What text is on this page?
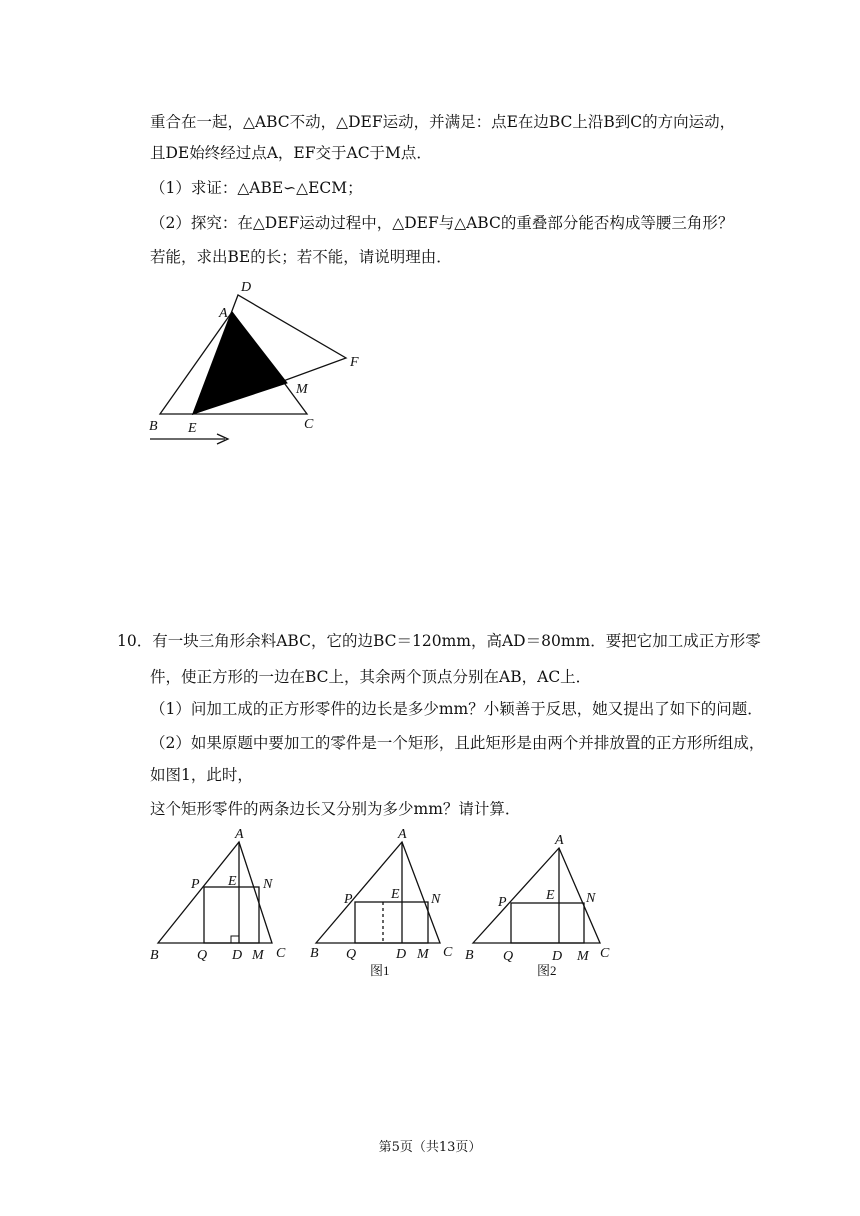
重合在一起，△ABC不动，△DEF运动，并满足：点E在边BC上沿B到C的方向运动，
且DE始终经过点A，EF交于AC于M点．
（1）求证：△ABE∽△ECM；
（2）探究：在△DEF运动过程中，△DEF与△ABC的重叠部分能否构成等腰三角形？
若能，求出BE的长；若不能，请说明理由．
D
A
F
M
B E	C
10．有一块三角形余料ABC，它的边BC＝120mm，高AD＝80mm．要把它加工成正方形零
件，使正方形的一边在BC上，其余两个顶点分别在AB，AC上．
（1）问加工成的正方形零件的边长是多少mm？小颖善于反思，她又提出了如下的问题．
（2）如果原题中要加工的零件是一个矩形，且此矩形是由两个并排放置的正方形所组成，
如图1，此时，
这个矩形零件的两条边长又分别为多少mm？请计算．
A
P E N
B	Q D M C
A
P	E N
B Q	D M C
图1
A
P	E N
B Q	D M C
图2
第5页（共13页）
